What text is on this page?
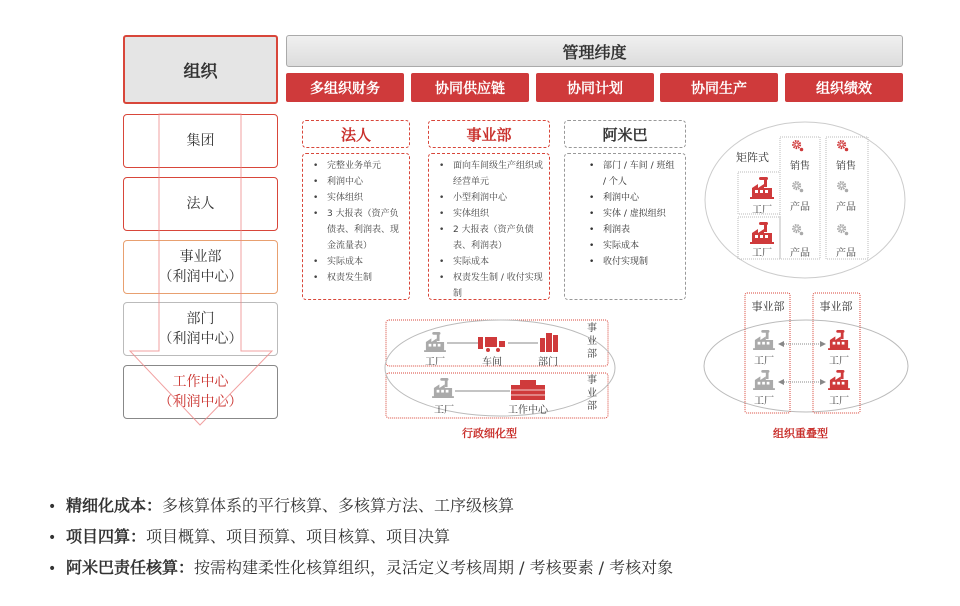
组织
管理纬度
多组织财务	协同供应链	协同计划	协同生产	组织绩效
集团
法人
事业部
（利润中心）
部门
（利润中心）
工作中心
（利润中心）
法人
• 完整业务单元
• 利润中心
• 实体组织
• 3 大报表（资产负债表、利润表、现金流量表）
• 实际成本
• 权责发生制
事业部
• 面向车间级生产组织或经营单元
• 小型利润中心
• 实体组织
• 2 大报表（资产负债表、利润表）
• 实际成本
• 权责发生制 / 收付实现制
阿米巴
• 部门 / 车间 / 班组 / 个人
• 利润中心
• 实体 / 虚拟组织
• 利润表
• 实际成本
• 收付实现制
矩阵式
销售	销售
工厂 产品	产品
工厂 产品	产品
工厂	车间	部门
工厂	工作中心
事业部
事业部
行政细化型
事业部	事业部
工厂
工厂
工厂
工厂
组织重叠型
• 精细化成本：多核算体系的平行核算、多核算方法、工序级核算
• 项目四算：项目概算、项目预算、项目核算、项目决算
• 阿米巴责任核算：按需构建柔性化核算组织，灵活定义考核周期 / 考核要素 / 考核对象
